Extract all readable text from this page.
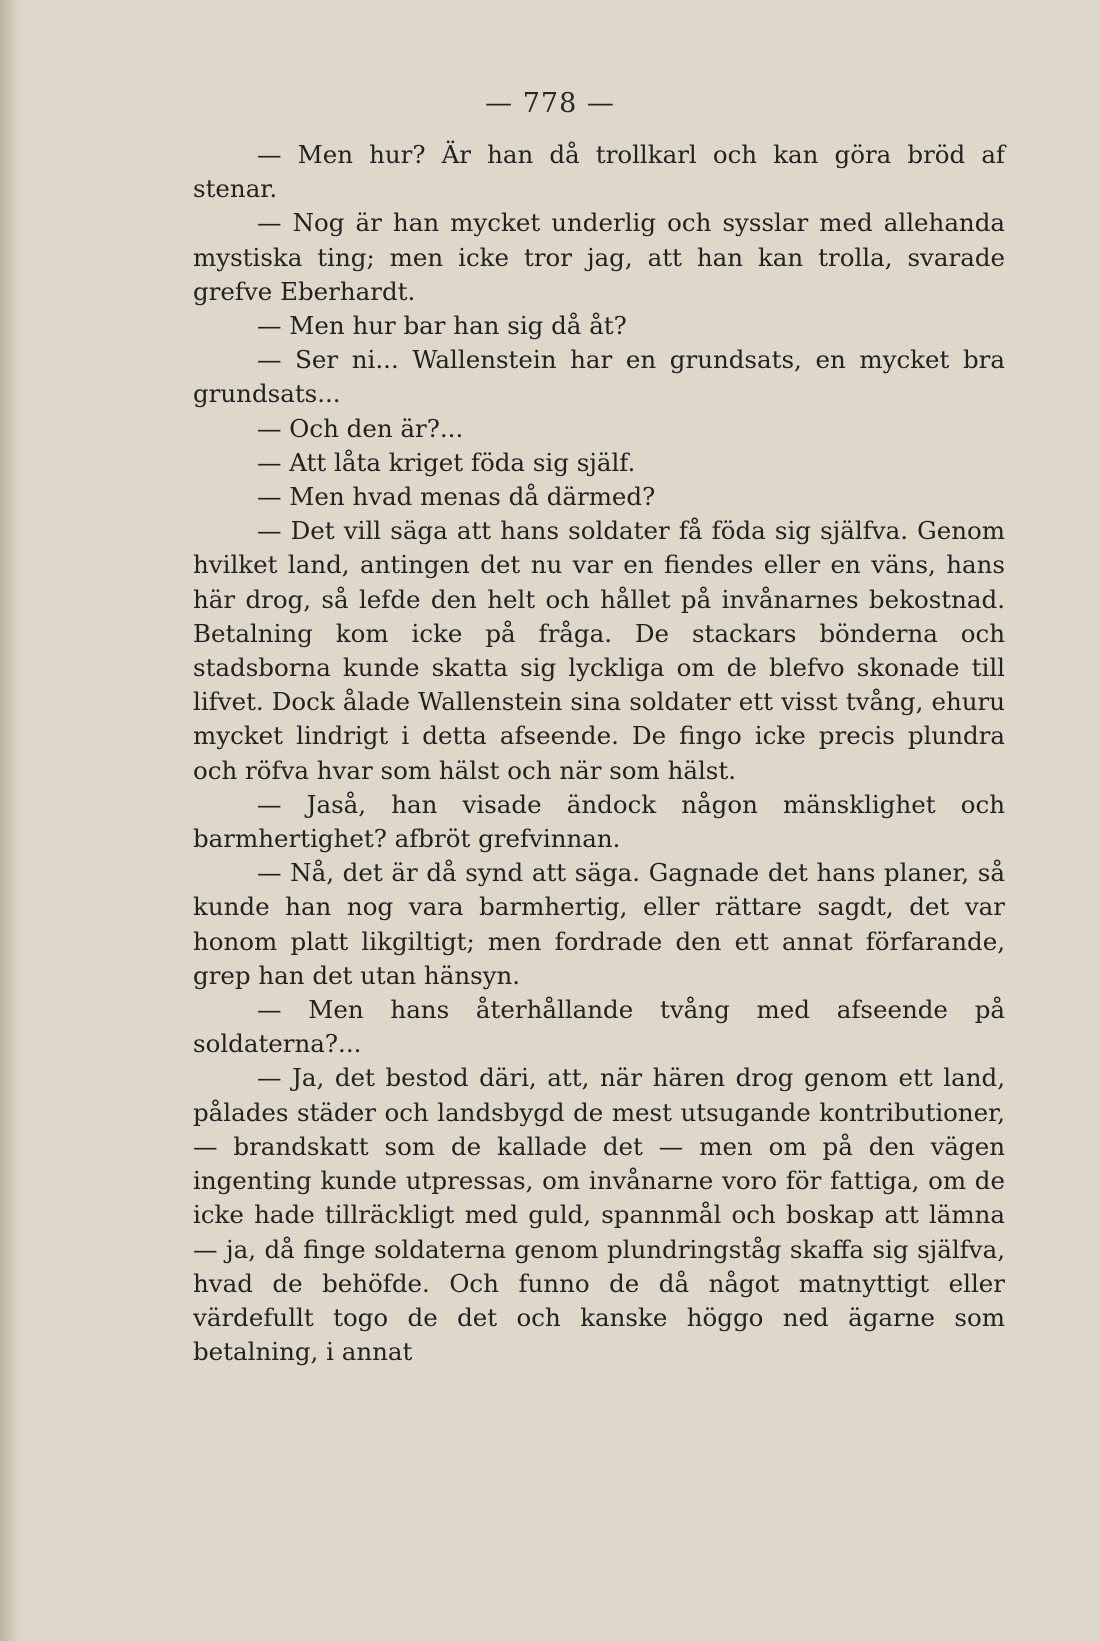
— 778 —

— Men hur? Är han då trollkarl och kan göra bröd af stenar.

— Nog är han mycket underlig och sysslar med allehanda mystiska ting; men icke tror jag, att han kan trolla, svarade grefve Eberhardt.

— Men hur bar han sig då åt?

— Ser ni... Wallenstein har en grundsats, en mycket bra grundsats...

— Och den är?...

— Att låta kriget föda sig själf.

— Men hvad menas då därmed?

— Det vill säga att hans soldater få föda sig själfva. Genom hvilket land, antingen det nu var en fiendes eller en väns, hans här drog, så lefde den helt och hållet på invånarnes bekostnad. Betalning kom icke på fråga. De stackars bönderna och stadsborna kunde skatta sig lyckliga om de blefvo skonade till lifvet. Dock ålade Wallenstein sina soldater ett visst tvång, ehuru mycket lindrigt i detta afseende. De fingo icke precis plundra och röfva hvar som hälst och när som hälst.

— Jaså, han visade ändock någon mänsklighet och barmhertighet? afbröt grefvinnan.

— Nå, det är då synd att säga. Gagnade det hans planer, så kunde han nog vara barmhertig, eller rättare sagdt, det var honom platt likgiltigt; men fordrade den ett annat förfarande, grep han det utan hänsyn.

— Men hans återhållande tvång med afseende på soldaterna?...

— Ja, det bestod däri, att, när hären drog genom ett land, pålades städer och landsbygd de mest utsugande kontributioner, — brandskatt som de kallade det — men om på den vägen ingenting kunde utpressas, om invånarne voro för fattiga, om de icke hade tillräckligt med guld, spannmål och boskap att lämna — ja, då finge soldaterna genom plundringståg skaffa sig själfva, hvad de behöfde. Och funno de då något matnyttigt eller värdefullt togo de det och kanske höggo ned ägarne som betalning, i annat
